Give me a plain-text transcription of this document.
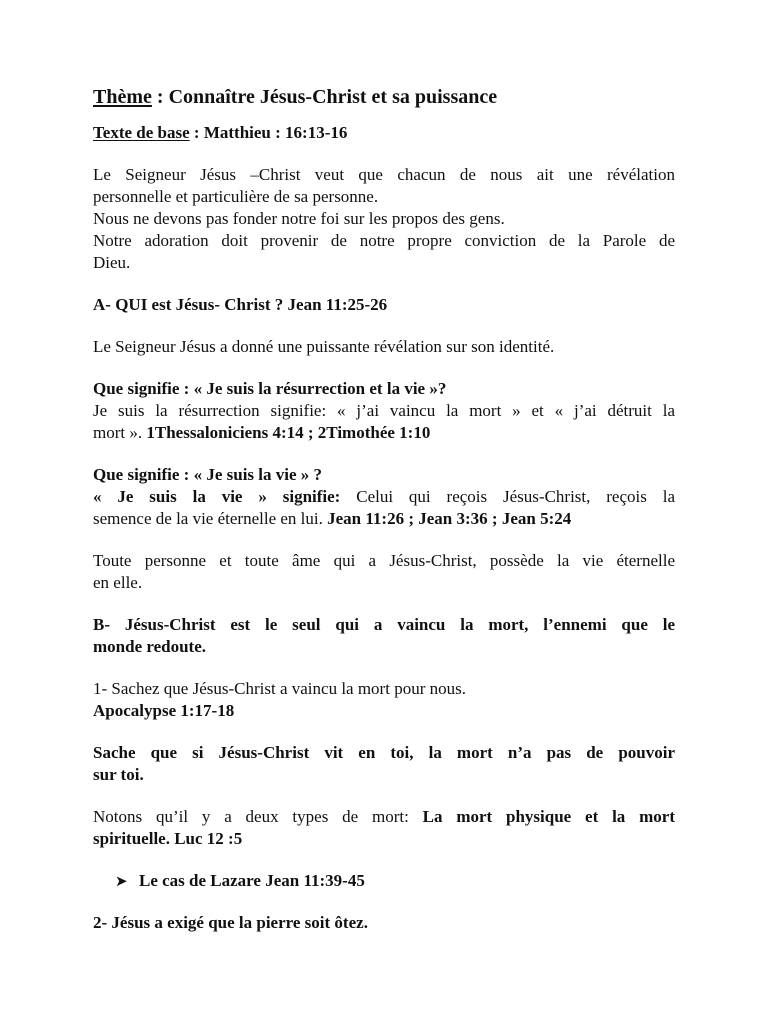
Thème : Connaître Jésus-Christ et sa puissance

Texte de base : Matthieu : 16:13-16

Le Seigneur Jésus –Christ veut que chacun de nous ait une révélation

personnelle et particulière de sa personne.

Nous ne devons pas fonder notre foi sur les propos des gens.

Notre adoration doit provenir de notre propre conviction de la Parole de

Dieu.

A- QUI est Jésus- Christ ? Jean 11:25-26

Le Seigneur Jésus a donné une puissante révélation sur son identité.

Que signifie : « Je suis la résurrection et la vie »?

Je suis la résurrection signifie: « j’ai vaincu la mort » et « j’ai détruit la

mort ». 1Thessaloniciens 4:14 ; 2Timothée 1:10

Que signifie : « Je suis la vie » ?

« Je suis la vie » signifie: Celui qui reçois Jésus-Christ, reçois la

semence de la vie éternelle en lui. Jean 11:26 ; Jean 3:36 ; Jean 5:24

Toute personne et toute âme qui a Jésus-Christ, possède la vie éternelle

en elle.

B- Jésus-Christ est le seul qui a vaincu la mort, l’ennemi que le

monde redoute.

1- Sachez que Jésus-Christ a vaincu la mort pour nous.

Apocalypse 1:17-18

Sache que si Jésus-Christ vit en toi, la mort n’a pas de pouvoir

sur toi.

Notons qu’il y a deux types de mort: La mort physique et la mort

spirituelle. Luc 12 :5

➤ Le cas de Lazare Jean 11:39-45

2- Jésus a exigé que la pierre soit ôtez.
